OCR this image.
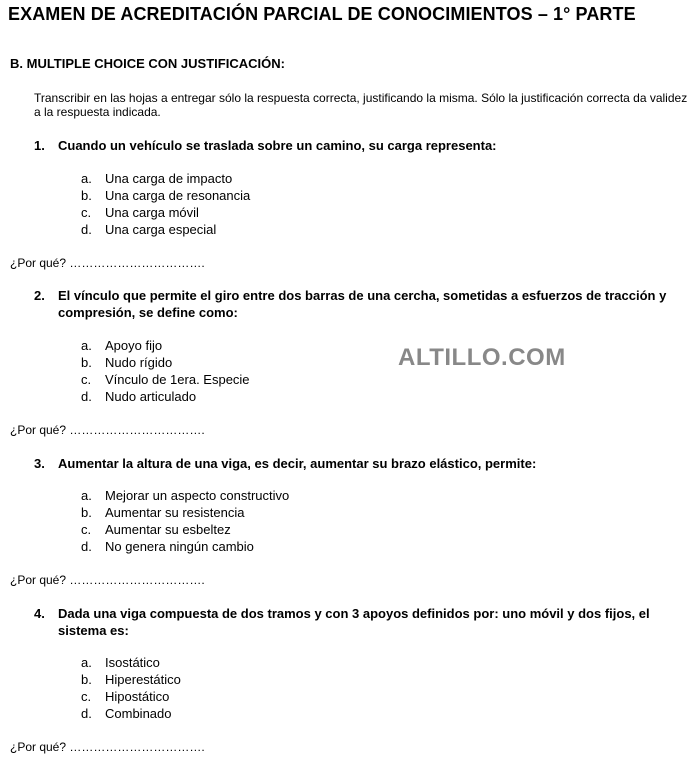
EXAMEN DE ACREDITACIÓN PARCIAL DE CONOCIMIENTOS – 1° PARTE
B. MULTIPLE CHOICE CON JUSTIFICACIÓN:
Transcribir en las hojas a entregar sólo la respuesta correcta, justificando la misma. Sólo la justificación correcta da validez a la respuesta indicada.
1. Cuando un vehículo se traslada sobre un camino, su carga representa:
a. Una carga de impacto
b. Una carga de resonancia
c. Una carga móvil
d. Una carga especial
¿Por qué? …………………………….
2. El vínculo que permite el giro entre dos barras de una cercha, sometidas a esfuerzos de tracción y compresión, se define como:
a. Apoyo fijo
b. Nudo rígido
c. Vínculo de 1era. Especie
d. Nudo articulado
¿Por qué? …………………………….
3. Aumentar la altura de una viga, es decir, aumentar su brazo elástico, permite:
a. Mejorar un aspecto constructivo
b. Aumentar su resistencia
c. Aumentar su esbeltez
d. No genera ningún cambio
¿Por qué? …………………………….
4. Dada una viga compuesta de dos tramos y con 3 apoyos definidos por: uno móvil y dos fijos, el sistema es:
a. Isostático
b. Hiperestático
c. Hipostático
d. Combinado
¿Por qué? …………………………….
ALTILLO.COM
